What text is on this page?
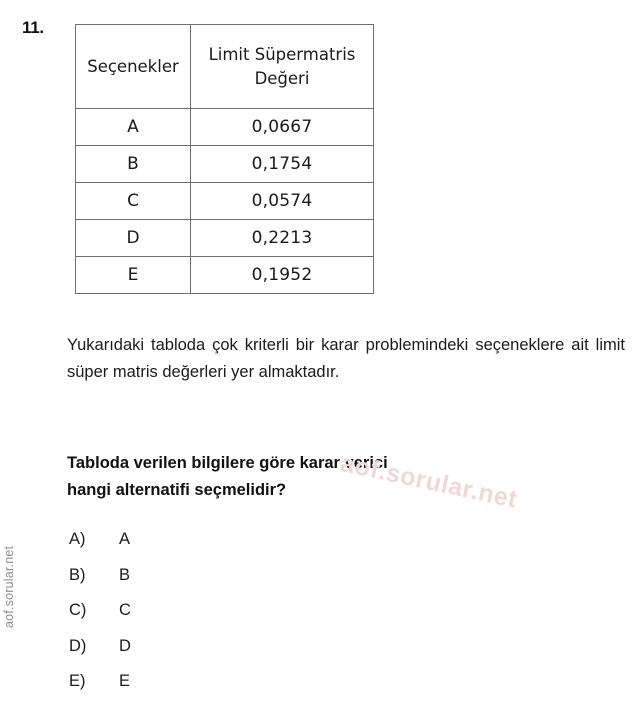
11.
Seçenekler	Limit Süpermatris Değeri
A	0,0667
B	0,1754
C	0,0574
D	0,2213
E	0,1952
Yukarıdaki tabloda çok kriterli bir karar problemindeki seçeneklere ait limit süper matris değerleri yer almaktadır.
Tabloda verilen bilgilere göre karar verici
hangi alternatifi seçmelidir?
A)	A
B)	B
C)	C
D)	D
E)	E
aof.sorular.net
aof.sorular.net
